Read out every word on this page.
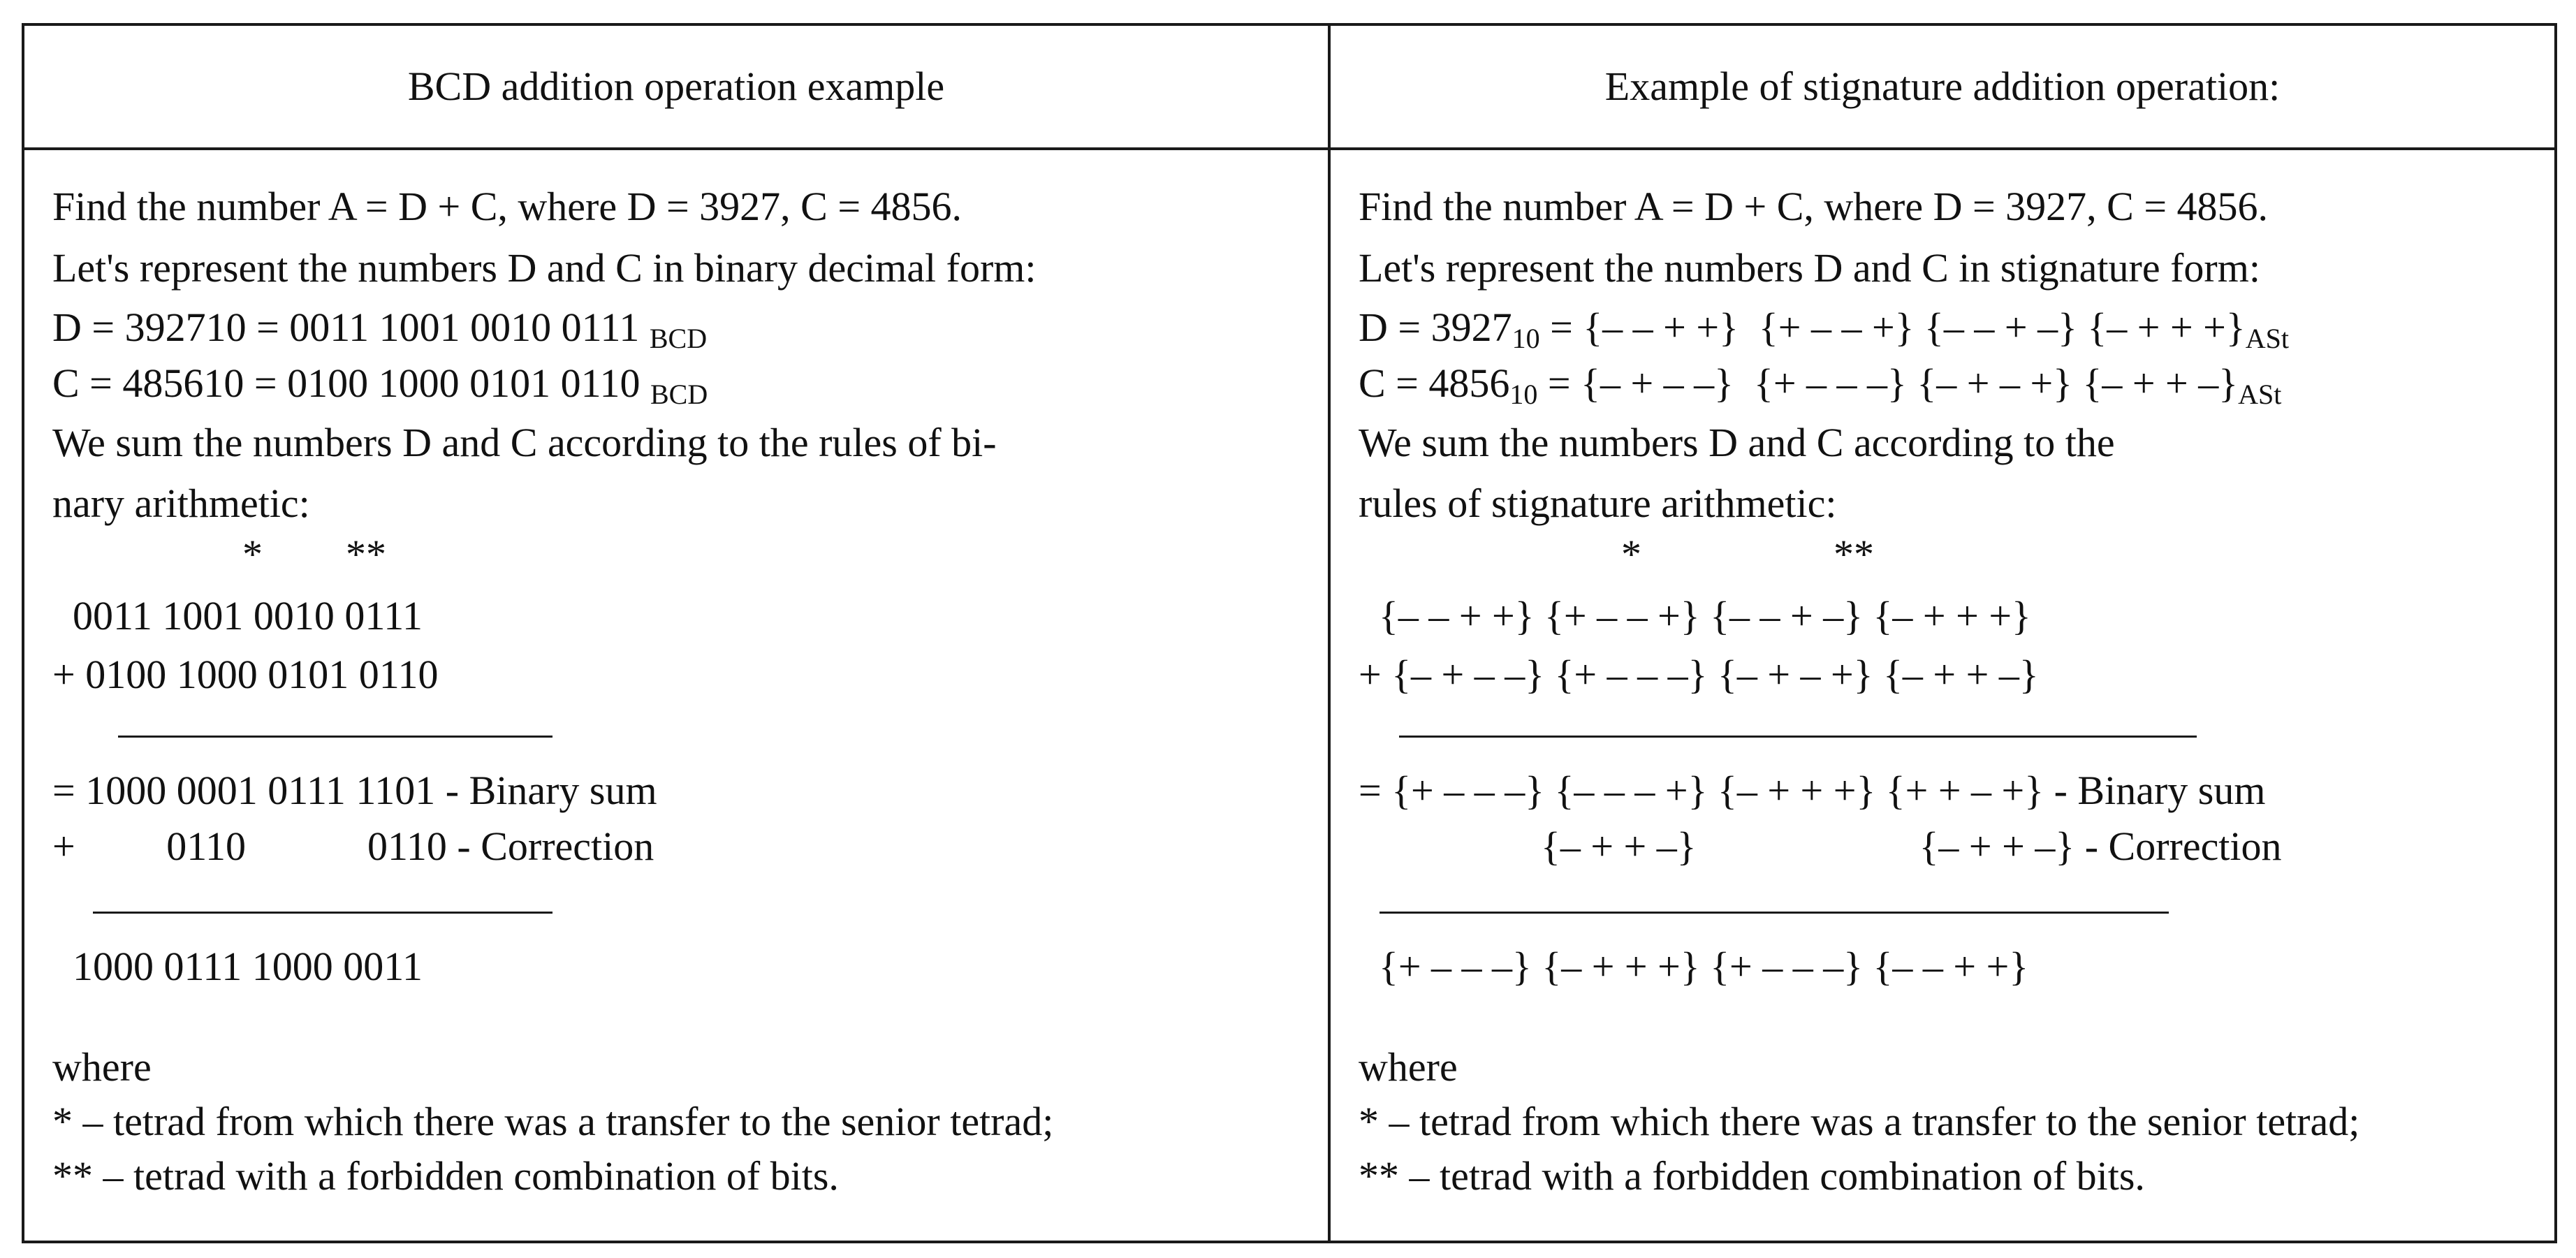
BCD addition operation example	Example of stignature addition operation:
Find the number A = D + C, where D = 3927, C = 4856.
Let's represent the numbers D and C in binary decimal form:
D = 392710 = 0011 1001 0010 0111 BCD
C = 485610 = 0100 1000 0101 0110 BCD
We sum the numbers D and C according to the rules of bi-
nary arithmetic:
* **
0011 1001 0010 0111
+ 0100 1000 0101 0110
= 1000 0001 0111 1101 - Binary sum
+         0110            0110 - Correction
1000 0111 1000 0011
where
* – tetrad from which there was a transfer to the senior tetrad;
** – tetrad with a forbidden combination of bits.
Find the number A = D + C, where D = 3927, C = 4856.
Let's represent the numbers D and C in stignature form:
D = 392710 = {– – + +}  {+ – – +} {– – + –} {– + + +}ASt
C = 485610 = {– + – –}  {+ – – –} {– + – +} {– + + –}ASt
We sum the numbers D and C according to the
rules of stignature arithmetic:
*	**
{– – + +} {+ – – +} {– – + –} {– + + +}
+ {– + – –} {+ – – –} {– + – +} {– + + –}
= {+ – – –} {– – – +} {– + + +} {+ + – +} - Binary sum
{– + + –}                      {– + + –} - Correction
{+ – – –} {– + + +} {+ – – –} {– – + +}
where
* – tetrad from which there was a transfer to the senior tetrad;
** – tetrad with a forbidden combination of bits.
